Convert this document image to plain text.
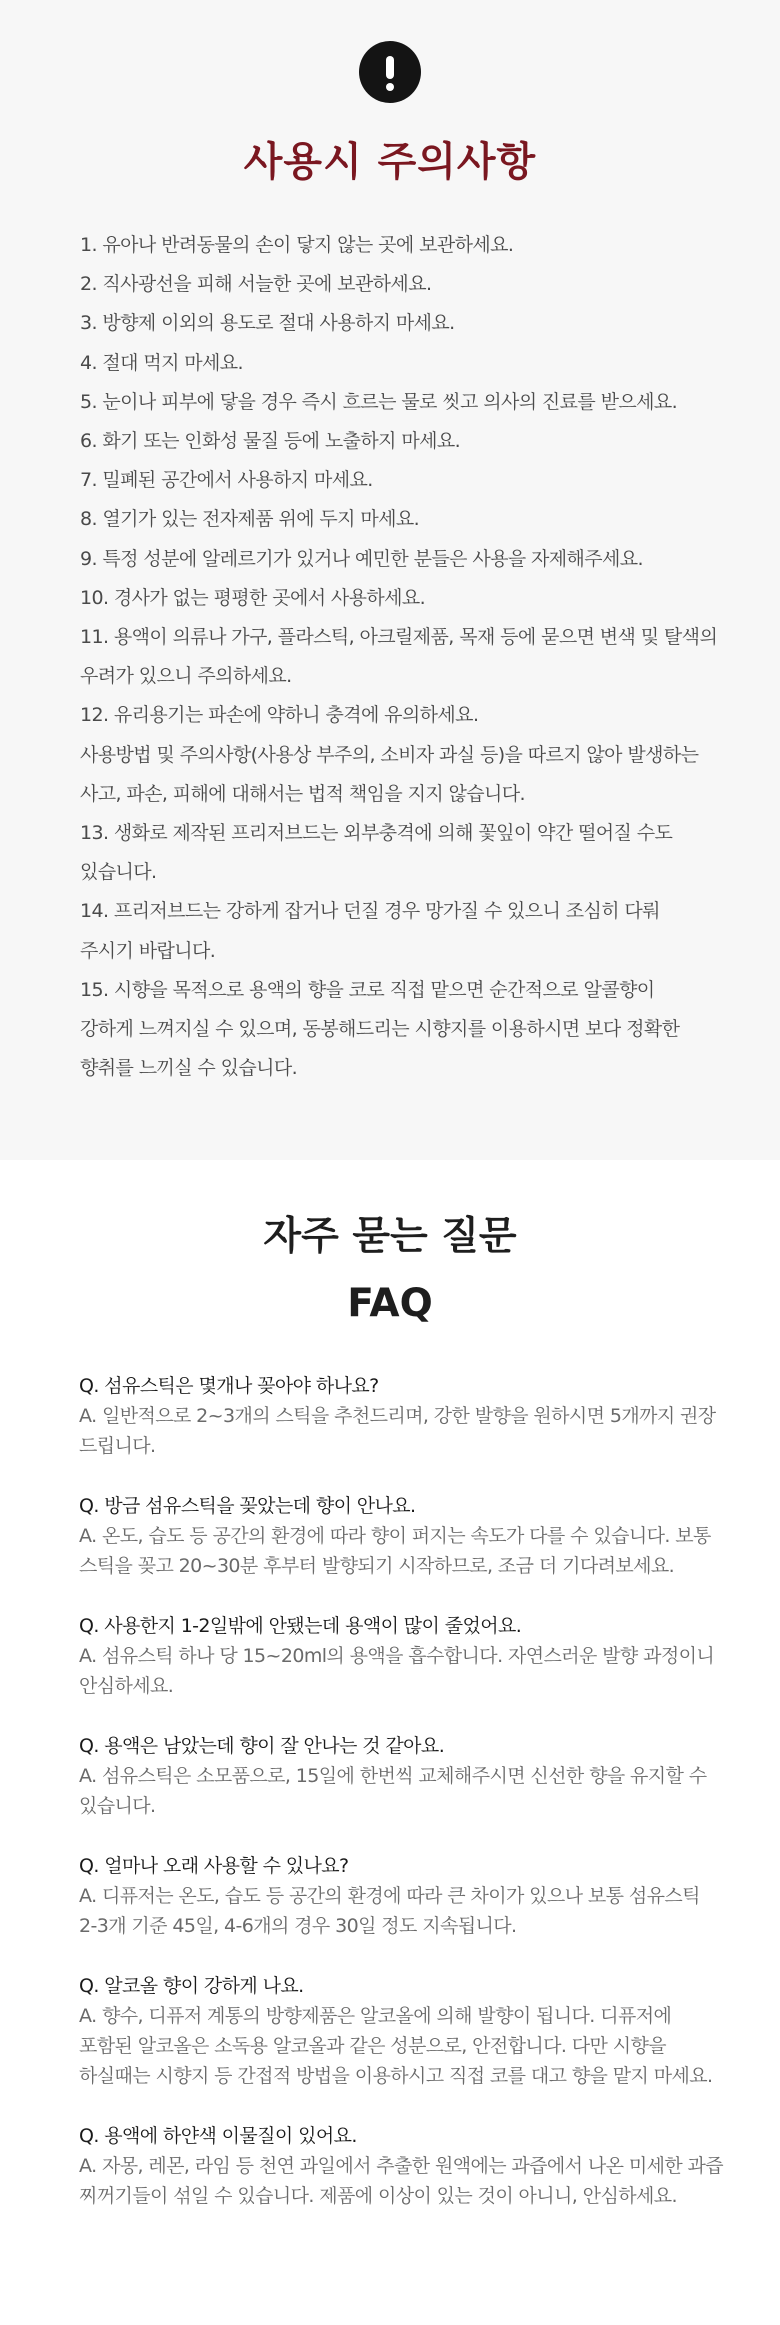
사용시 주의사항
1. 유아나 반려동물의 손이 닿지 않는 곳에 보관하세요.
2. 직사광선을 피해 서늘한 곳에 보관하세요.
3. 방향제 이외의 용도로 절대 사용하지 마세요.
4. 절대 먹지 마세요.
5. 눈이나 피부에 닿을 경우 즉시 흐르는 물로 씻고 의사의 진료를 받으세요.
6. 화기 또는 인화성 물질 등에 노출하지 마세요.
7. 밀폐된 공간에서 사용하지 마세요.
8. 열기가 있는 전자제품 위에 두지 마세요.
9. 특정 성분에 알레르기가 있거나 예민한 분들은 사용을 자제해주세요.
10. 경사가 없는 평평한 곳에서 사용하세요.
11. 용액이 의류나 가구, 플라스틱, 아크릴제품, 목재 등에 묻으면 변색 및 탈색의
우려가 있으니 주의하세요.
12. 유리용기는 파손에 약하니 충격에 유의하세요.
사용방법 및 주의사항(사용상 부주의, 소비자 과실 등)을 따르지 않아 발생하는
사고, 파손, 피해에 대해서는 법적 책임을 지지 않습니다.
13. 생화로 제작된 프리저브드는 외부충격에 의해 꽃잎이 약간 떨어질 수도
있습니다.
14. 프리저브드는 강하게 잡거나 던질 경우 망가질 수 있으니 조심히 다뤄
주시기 바랍니다.
15. 시향을 목적으로 용액의 향을 코로 직접 맡으면 순간적으로 알콜향이
강하게 느껴지실 수 있으며, 동봉해드리는 시향지를 이용하시면 보다 정확한
향취를 느끼실 수 있습니다.
자주 묻는 질문
FAQ
Q. 섬유스틱은 몇개나 꽂아야 하나요?
A. 일반적으로 2~3개의 스틱을 추천드리며, 강한 발향을 원하시면 5개까지 권장
드립니다.
Q. 방금 섬유스틱을 꽂았는데 향이 안나요.
A. 온도, 습도 등 공간의 환경에 따라 향이 퍼지는 속도가 다를 수 있습니다. 보통
스틱을 꽂고 20~30분 후부터 발향되기 시작하므로, 조금 더 기다려보세요.
Q. 사용한지 1-2일밖에 안됐는데 용액이 많이 줄었어요.
A. 섬유스틱 하나 당 15~20ml의 용액을 흡수합니다. 자연스러운 발향 과정이니
안심하세요.
Q. 용액은 남았는데 향이 잘 안나는 것 같아요.
A. 섬유스틱은 소모품으로, 15일에 한번씩 교체해주시면 신선한 향을 유지할 수
있습니다.
Q. 얼마나 오래 사용할 수 있나요?
A. 디퓨저는 온도, 습도 등 공간의 환경에 따라 큰 차이가 있으나 보통 섬유스틱
2-3개 기준 45일, 4-6개의 경우 30일 정도 지속됩니다.
Q. 알코올 향이 강하게 나요.
A. 향수, 디퓨저 계통의 방향제품은 알코올에 의해 발향이 됩니다. 디퓨저에
포함된 알코올은 소독용 알코올과 같은 성분으로, 안전합니다. 다만 시향을
하실때는 시향지 등 간접적 방법을 이용하시고 직접 코를 대고 향을 맡지 마세요.
Q. 용액에 하얀색 이물질이 있어요.
A. 자몽, 레몬, 라임 등 천연 과일에서 추출한 원액에는 과즙에서 나온 미세한 과즙
찌꺼기들이 섞일 수 있습니다. 제품에 이상이 있는 것이 아니니, 안심하세요.
